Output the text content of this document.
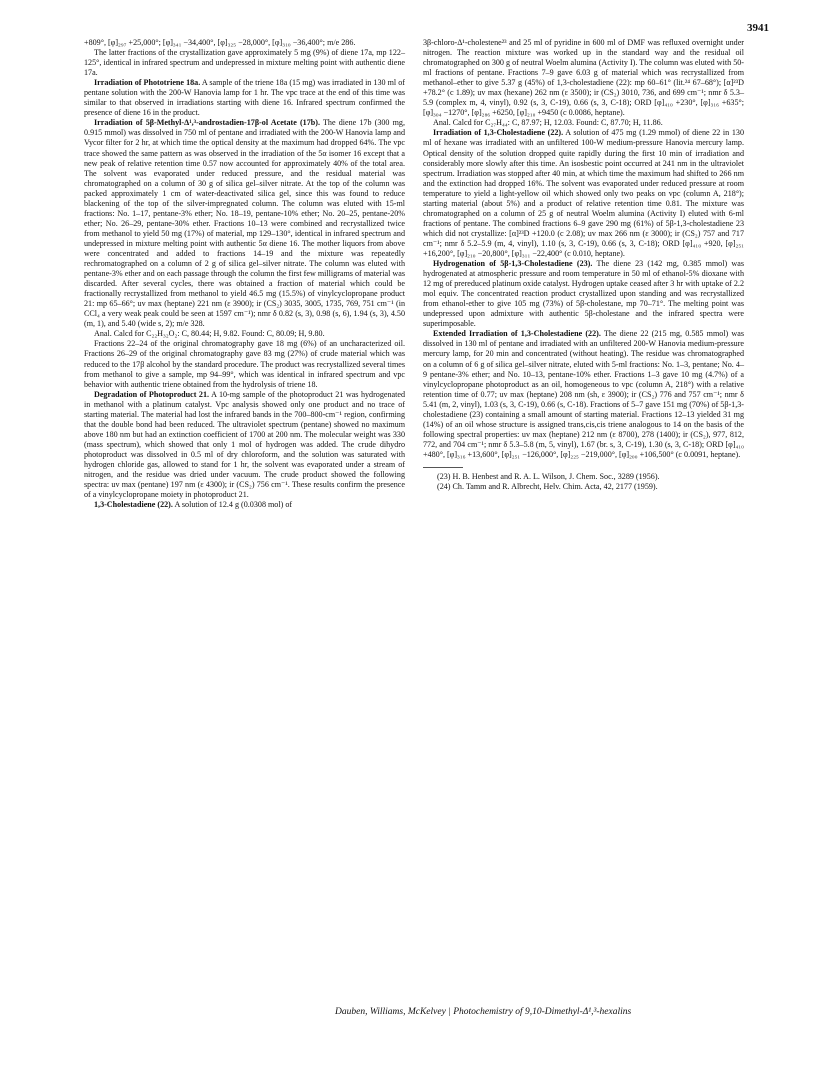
3941

+809°, [φ]₂₉₇ +25,000°; [φ]₃₄₁ −34,400°, [φ]₃₂₅ −28,000°, [φ]₃₁₀ −36,400°; m/e 286.

The latter fractions of the crystallization gave approximately 5 mg (9%) of diene 17a, mp 122–125°, identical in infrared spectrum and undepressed in mixture melting point with authentic diene 17a.

Irradiation of Phototriene 18a. A sample of the triene 18a (15 mg) was irradiated in 130 ml of pentane solution with the 200-W Hanovia lamp for 1 hr. The vpc trace at the end of this time was similar to that observed in irradiations starting with diene 16. Infrared spectrum confirmed the presence of diene 16 in the product.

Irradiation of 5β-Methyl-Δ¹,³-androstadien-17β-ol Acetate (17b). The diene 17b (300 mg, 0.915 mmol) was dissolved in 750 ml of pentane and irradiated with the 200-W Hanovia lamp and Vycor filter for 2 hr, at which time the optical density at the maximum had dropped 64%. The vpc trace showed the same pattern as was observed in the irradiation of the 5α isomer 16 except that a new peak of relative retention time 0.57 now accounted for approximately 40% of the total area. The solvent was evaporated under reduced pressure, and the residual material was chromatographed on a column of 30 g of silica gel–silver nitrate. At the top of the column was packed approximately 1 cm of water-deactivated silica gel, since this was found to reduce blackening of the top of the silver-impregnated column. The column was eluted with 15-ml fractions: No. 1–17, pentane-3% ether; No. 18–19, pentane-10% ether; No. 20–25, pentane-20% ether; No. 26–29, pentane-30% ether. Fractions 10–13 were combined and recrystallized twice from methanol to yield 50 mg (17%) of material, mp 129–130°, identical in infrared spectrum and undepressed in mixture melting point with authentic 5α diene 16. The mother liquors from above were concentrated and added to fractions 14–19 and the mixture was repeatedly rechromatographed on a column of 2 g of silica gel–silver nitrate. The column was eluted with pentane-3% ether and on each passage through the column the first few milligrams of material was discarded. After several cycles, there was obtained a fraction of material which could be fractionally recrystallized from methanol to yield 46.5 mg (15.5%) of vinylcyclopropane product 21: mp 65–66°; uv max (heptane) 221 nm (ε 3900); ir (CS₂) 3035, 3005, 1735, 769, 751 cm⁻¹ (in CCl₄ a very weak peak could be seen at 1597 cm⁻¹); nmr δ 0.82 (s, 3), 0.98 (s, 6), 1.94 (s, 3), 4.50 (m, 1), and 5.40 (wide s, 2); m/e 328.

Anal. Calcd for C₂₂H₃₂O₂: C, 80.44; H, 9.82. Found: C, 80.09; H, 9.80.

Fractions 22–24 of the original chromatography gave 18 mg (6%) of an uncharacterized oil. Fractions 26–29 of the original chromatography gave 83 mg (27%) of crude material which was reduced to the 17β alcohol by the standard procedure. The product was recrystallized several times from methanol to give a sample, mp 94–99°, which was identical in infrared spectrum and vpc behavior with authentic triene obtained from the hydrolysis of triene 18.

Degradation of Photoproduct 21. A 10-mg sample of the photoproduct 21 was hydrogenated in methanol with a platinum catalyst. Vpc analysis showed only one product and no trace of starting material. The material had lost the infrared bands in the 700–800-cm⁻¹ region, confirming that the double bond had been reduced. The ultraviolet spectrum (pentane) showed no maximum above 180 nm but had an extinction coefficient of 1700 at 200 nm. The molecular weight was 330 (mass spectrum), which showed that only 1 mol of hydrogen was added. The crude dihydro photoproduct was dissolved in 0.5 ml of dry chloroform, and the solution was saturated with hydrogen chloride gas, allowed to stand for 1 hr, the solvent was evaporated under a stream of nitrogen, and the residue was dried under vacuum. The crude product showed the following spectra: uv max (pentane) 197 nm (ε 4300); ir (CS₂) 756 cm⁻¹. These results confirm the presence of a vinylcyclopropane moiety in photoproduct 21.

1,3-Cholestadiene (22). A solution of 12.4 g (0.0308 mol) of

3β-chloro-Δ¹-cholestene²³ and 25 ml of pyridine in 600 ml of DMF was refluxed overnight under nitrogen. The reaction mixture was worked up in the standard way and the residual oil chromatographed on 300 g of neutral Woelm alumina (Activity I). The column was eluted with 50-ml fractions of pentane. Fractions 7–9 gave 6.03 g of material which was recrystallized from methanol–ether to give 5.37 g (45%) of 1,3-cholestadiene (22): mp 60–61° (lit.²⁴ 67–68°); [α]²³D +78.2° (c 1.89); uv max (hexane) 262 nm (ε 3500); ir (CS₂) 3010, 736, and 699 cm⁻¹; nmr δ 5.3–5.9 (complex m, 4, vinyl), 0.92 (s, 3, C-19), 0.66 (s, 3, C-18); ORD [φ]₄₁₀ +230°, [φ]₃₁₆ +635°; [φ]₃₀₄ −1270°, [φ]₂₈₆ +6250, [φ]₂₁₀ +9450 (c 0.0086, heptane).

Anal. Calcd for C₂₇H₄₄: C, 87.97; H, 12.03. Found: C, 87.70; H, 11.86.

Irradiation of 1,3-Cholestadiene (22). A solution of 475 mg (1.29 mmol) of diene 22 in 130 ml of hexane was irradiated with an unfiltered 100-W medium-pressure Hanovia mercury lamp. Optical density of the solution dropped quite rapidly during the first 10 min of irradiation and considerably more slowly after this time. An isosbestic point occurred at 241 nm in the ultraviolet spectrum. Irradiation was stopped after 40 min, at which time the maximum had shifted to 266 nm and the extinction had dropped 16%. The solvent was evaporated under reduced pressure at room temperature to yield a light-yellow oil which showed only two peaks on vpc (column A, 218°); starting material (about 5%) and a product of relative retention time 0.81. The mixture was chromatographed on a column of 25 g of neutral Woelm alumina (Activity I) eluted with 6-ml fractions of pentane. The combined fractions 6–9 gave 290 mg (61%) of 5β-1,3-cholestadiene 23 which did not crystallize: [α]²³D +120.0 (c 2.08); uv max 266 nm (ε 3000); ir (CS₂) 757 and 717 cm⁻¹; nmr δ 5.2–5.9 (m, 4, vinyl), 1.10 (s, 3, C-19), 0.66 (s, 3, C-18); ORD [φ]₄₁₀ +920, [φ]₂₅₁ +16,200°, [φ]₂₁₀ −20,800°, [φ]₃₁₁ −22,400° (c 0.010, heptane).

Hydrogenation of 5β-1,3-Cholestadiene (23). The diene 23 (142 mg, 0.385 mmol) was hydrogenated at atmospheric pressure and room temperature in 50 ml of ethanol-5% dioxane with 12 mg of prereduced platinum oxide catalyst. Hydrogen uptake ceased after 3 hr with uptake of 2.2 mol equiv. The concentrated reaction product crystallized upon standing and was recrystallized from ethanol-ether to give 105 mg (73%) of 5β-cholestane, mp 70–71°. The melting point was undepressed upon admixture with authentic 5β-cholestane and the infrared spectra were superimposable.

Extended Irradiation of 1,3-Cholestadiene (22). The diene 22 (215 mg, 0.585 mmol) was dissolved in 130 ml of pentane and irradiated with an unfiltered 200-W Hanovia medium-pressure mercury lamp, for 20 min and concentrated (without heating). The residue was chromatographed on a column of 6 g of silica gel–silver nitrate, eluted with 5-ml fractions: No. 1–3, pentane; No. 4–9 pentane-3% ether; and No. 10–13, pentane-10% ether. Fractions 1–3 gave 10 mg (4.7%) of a vinylcyclopropane photoproduct as an oil, homogeneous to vpc (column A, 218°) with a relative retention time of 0.77; uv max (heptane) 208 nm (sh, ε 3900); ir (CS₂) 776 and 757 cm⁻¹; nmr δ 5.41 (m, 2, vinyl), 1.03 (s, 3, C-19), 0.66 (s, C-18). Fractions of 5–7 gave 151 mg (70%) of 5β-1,3-cholestadiene (23) containing a small amount of starting material. Fractions 12–13 yielded 31 mg (14%) of an oil whose structure is assigned trans,cis,cis triene analogous to 14 on the basis of the following spectral properties: uv max (heptane) 212 nm (ε 8700), 278 (1400); ir (CS₂), 977, 812, 772, and 704 cm⁻¹; nmr δ 5.3–5.8 (m, 5, vinyl), 1.67 (br. s, 3, C-19), 1.30 (s, 3, C-18); ORD [φ]₄₁₀ +480°, [φ]₃₁₆ +13,600°, [φ]₂₅₁ −126,000°, [φ]₂₂₅ −219,000°, [φ]₂₀₀ +106,500° (c 0.0091, heptane).

(23) H. B. Henbest and R. A. L. Wilson, J. Chem. Soc., 3289 (1956).

(24) Ch. Tamm and R. Albrecht, Helv. Chim. Acta, 42, 2177 (1959).

Dauben, Williams, McKelvey | Photochemistry of 9,10-Dimethyl-Δ¹,³-hexalins
